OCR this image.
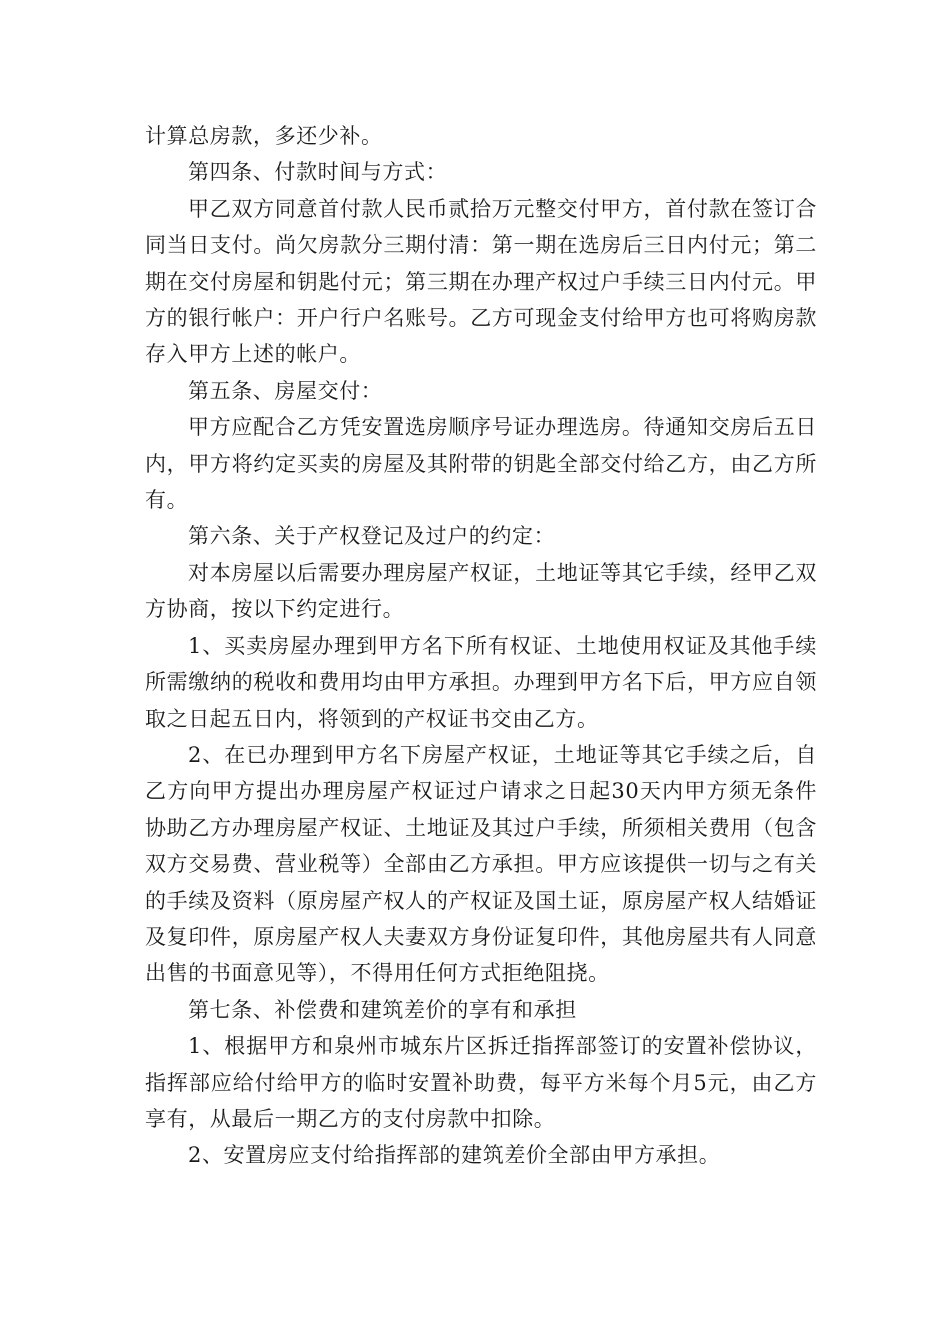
计算总房款，多还少补。

第四条、付款时间与方式：

甲乙双方同意首付款人民币贰拾万元整交付甲方，首付款在签订合同当日支付。尚欠房款分三期付清：第一期在选房后三日内付元；第二期在交付房屋和钥匙付元；第三期在办理产权过户手续三日内付元。甲方的银行帐户：开户行户名账号。乙方可现金支付给甲方也可将购房款存入甲方上述的帐户。

第五条、房屋交付：

甲方应配合乙方凭安置选房顺序号证办理选房。待通知交房后五日内，甲方将约定买卖的房屋及其附带的钥匙全部交付给乙方，由乙方所有。

第六条、关于产权登记及过户的约定：

对本房屋以后需要办理房屋产权证，土地证等其它手续，经甲乙双方协商，按以下约定进行。

1、买卖房屋办理到甲方名下所有权证、土地使用权证及其他手续所需缴纳的税收和费用均由甲方承担。办理到甲方名下后，甲方应自领取之日起五日内，将领到的产权证书交由乙方。

2、在已办理到甲方名下房屋产权证，土地证等其它手续之后，自乙方向甲方提出办理房屋产权证过户请求之日起30天内甲方须无条件协助乙方办理房屋产权证、土地证及其过户手续，所须相关费用（包含双方交易费、营业税等）全部由乙方承担。甲方应该提供一切与之有关的手续及资料（原房屋产权人的产权证及国土证，原房屋产权人结婚证及复印件，原房屋产权人夫妻双方身份证复印件，其他房屋共有人同意出售的书面意见等），不得用任何方式拒绝阻挠。

第七条、补偿费和建筑差价的享有和承担

1、根据甲方和泉州市城东片区拆迁指挥部签订的安置补偿协议，指挥部应给付给甲方的临时安置补助费，每平方米每个月5元，由乙方享有，从最后一期乙方的支付房款中扣除。

2、安置房应支付给指挥部的建筑差价全部由甲方承担。
